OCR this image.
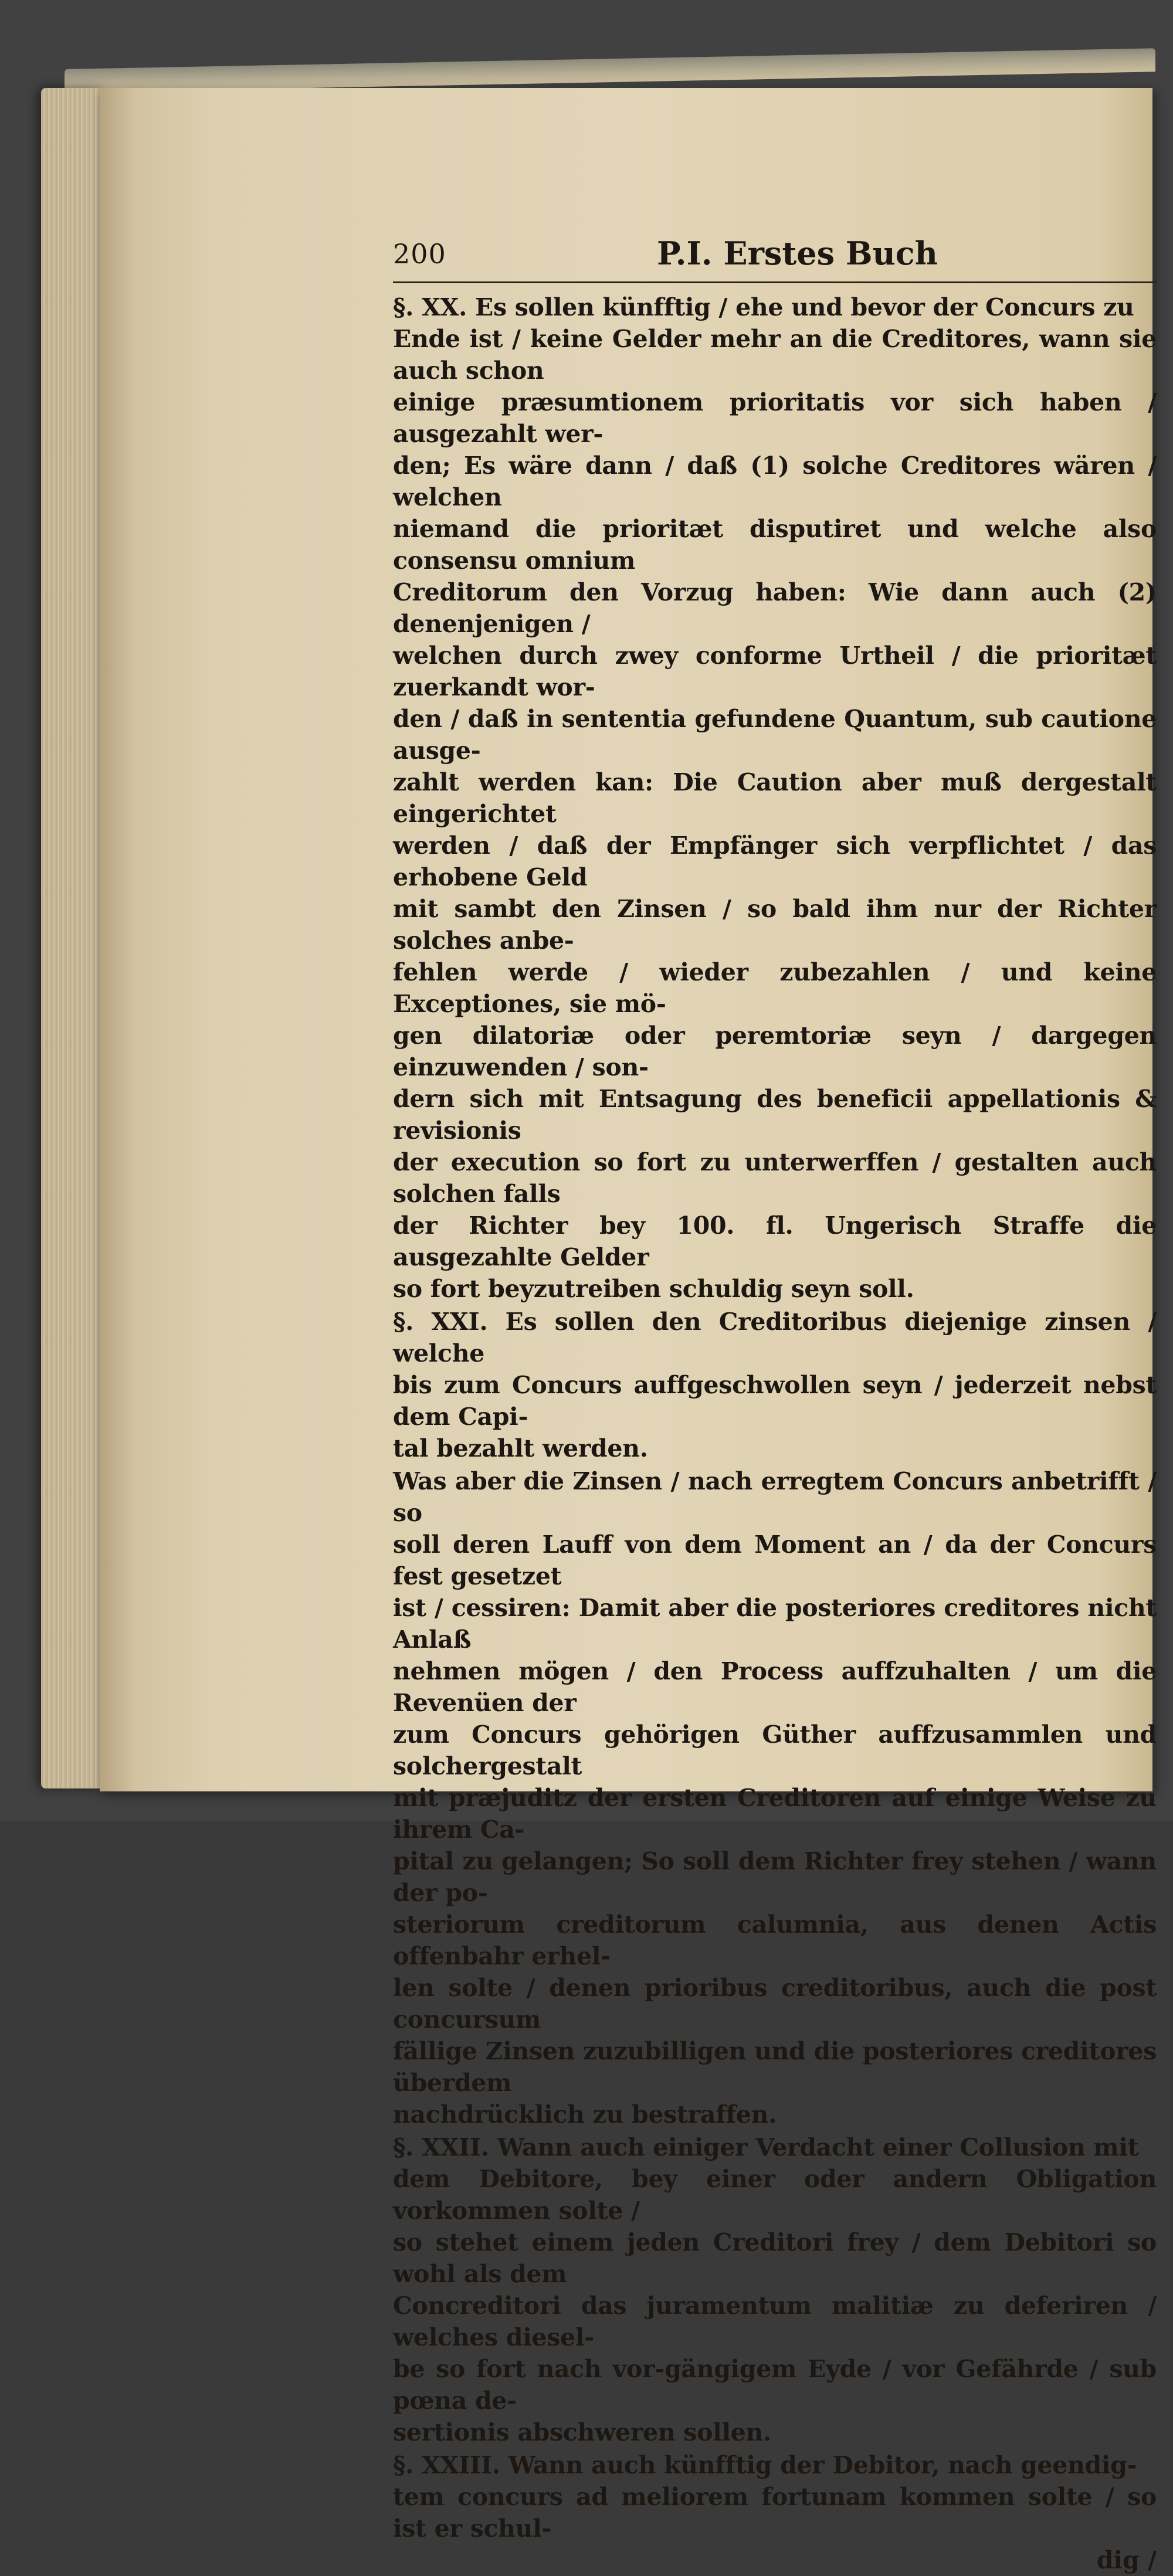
200	P.I. Erstes Buch

§. XX. Es sollen künfftig / ehe und bevor der Concurs zu
Ende ist / keine Gelder mehr an die Creditores, wann sie auch schon
einige præsumtionem prioritatis vor sich haben / ausgezahlt wer-
den; Es wäre dann / daß (1) solche Creditores wären / welchen
niemand die prioritæt disputiret und welche also consensu omnium
Creditorum den Vorzug haben: Wie dann auch (2) denenjenigen /
welchen durch zwey conforme Urtheil / die prioritæt zuerkandt wor-
den / daß in sententia gefundene Quantum, sub cautione ausge-
zahlt werden kan: Die Caution aber muß dergestalt eingerichtet
werden / daß der Empfänger sich verpflichtet / das erhobene Geld
mit sambt den Zinsen / so bald ihm nur der Richter solches anbe-
fehlen werde / wieder zubezahlen / und keine Exceptiones, sie mö-
gen dilatoriæ oder peremtoriæ seyn / dargegen einzuwenden / son-
dern sich mit Entsagung des beneficii appellationis & revisionis
der execution so fort zu unterwerffen / gestalten auch solchen falls
der Richter bey 100. fl. Ungerisch Straffe die ausgezahlte Gelder
so fort beyzutreiben schuldig seyn soll.

§. XXI. Es sollen den Creditoribus diejenige zinsen / welche
bis zum Concurs auffgeschwollen seyn / jederzeit nebst dem Capi-
tal bezahlt werden.

Was aber die Zinsen / nach erregtem Concurs anbetrifft / so
soll deren Lauff von dem Moment an / da der Concurs fest gesetzet
ist / cessiren: Damit aber die posteriores creditores nicht Anlaß
nehmen mögen / den Process auffzuhalten / um die Revenüen der
zum Concurs gehörigen Güther auffzusammlen und solchergestalt
mit præjuditz der ersten Creditoren auf einige Weise zu ihrem Ca-
pital zu gelangen; So soll dem Richter frey stehen / wann der po-
steriorum creditorum calumnia, aus denen Actis offenbahr erhel-
len solte / denen prioribus creditoribus, auch die post concursum
fällige Zinsen zuzubilligen und die posteriores creditores überdem
nachdrücklich zu bestraffen.

§. XXII. Wann auch einiger Verdacht einer Collusion mit
dem Debitore, bey einer oder andern Obligation vorkommen solte /
so stehet einem jeden Creditori frey / dem Debitori so wohl als dem
Concreditori das juramentum malitiæ zu deferiren / welches diesel-
be so fort nach vor-gängigem Eyde / vor Gefährde / sub pœna de-
sertionis abschweren sollen.

§. XXIII. Wann auch künfftig der Debitor, nach geendig-
tem concurs ad meliorem fortunam kommen solte / so ist er schul-

dig /
